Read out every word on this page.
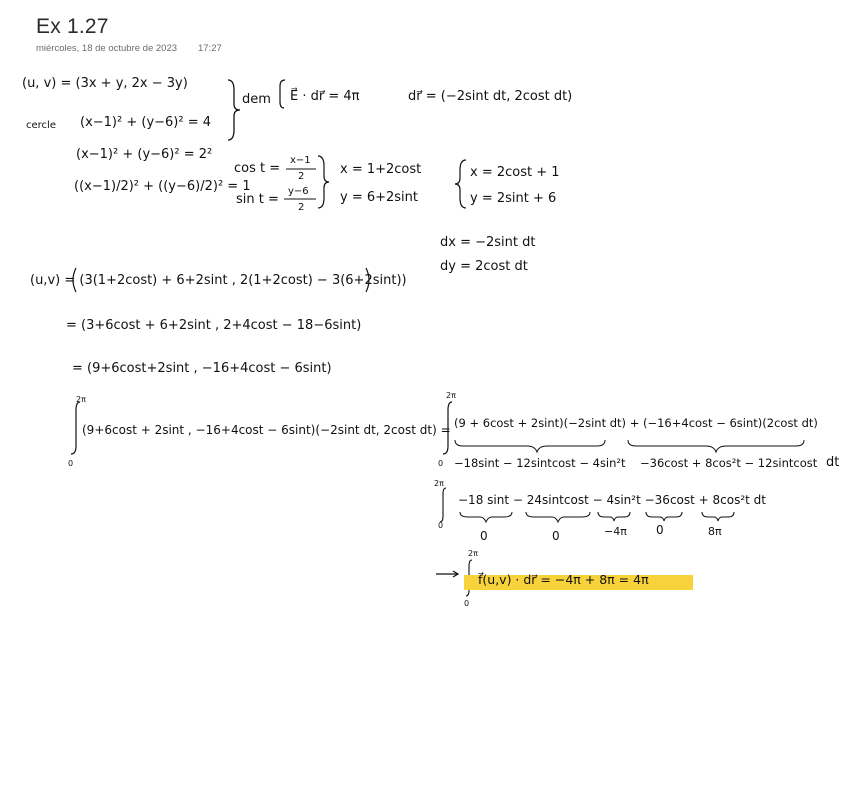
Ex 1.27
miércoles, 18 de octubre de 2023 17:27
(u, v) = (3x + y, 2x − 3y)
cercle (x−1)² + (y−6)² = 4
dem E⃗ · dr⃗ = 4π	dr⃗ = (−2sint dt, 2cost dt)
(x−1)² + (y−6)² = 2²
((x−1)/2)² + ((y−6)/2)² = 1
cos t =
x−1
2
sin t =
y−6
2
x = 1+2cost
y = 6+2sint
x = 2cost + 1
y = 2sint + 6
dx = −2sint dt
dy = 2cost dt
(u,v) = (3(1+2cost) + 6+2sint , 2(1+2cost) − 3(6+2sint))
= (3+6cost + 6+2sint , 2+4cost − 18−6sint)
= (9+6cost+2sint , −16+4cost − 6sint)
2π
0
(9+6cost + 2sint , −16+4cost − 6sint)(−2sint dt, 2cost dt) =
2π
0
(9 + 6cost + 2sint)(−2sint dt) + (−16+4cost − 6sint)(2cost dt)
−18sint − 12sintcost − 4sin²t −36cost + 8cos²t − 12sintcost dt
2π
0
−18 sint − 24sintcost − 4sin²t −36cost + 8cos²t dt
0	0	−4π 0	8π
2π
0
f⃗(u,v) · dr⃗ = −4π + 8π = 4π
